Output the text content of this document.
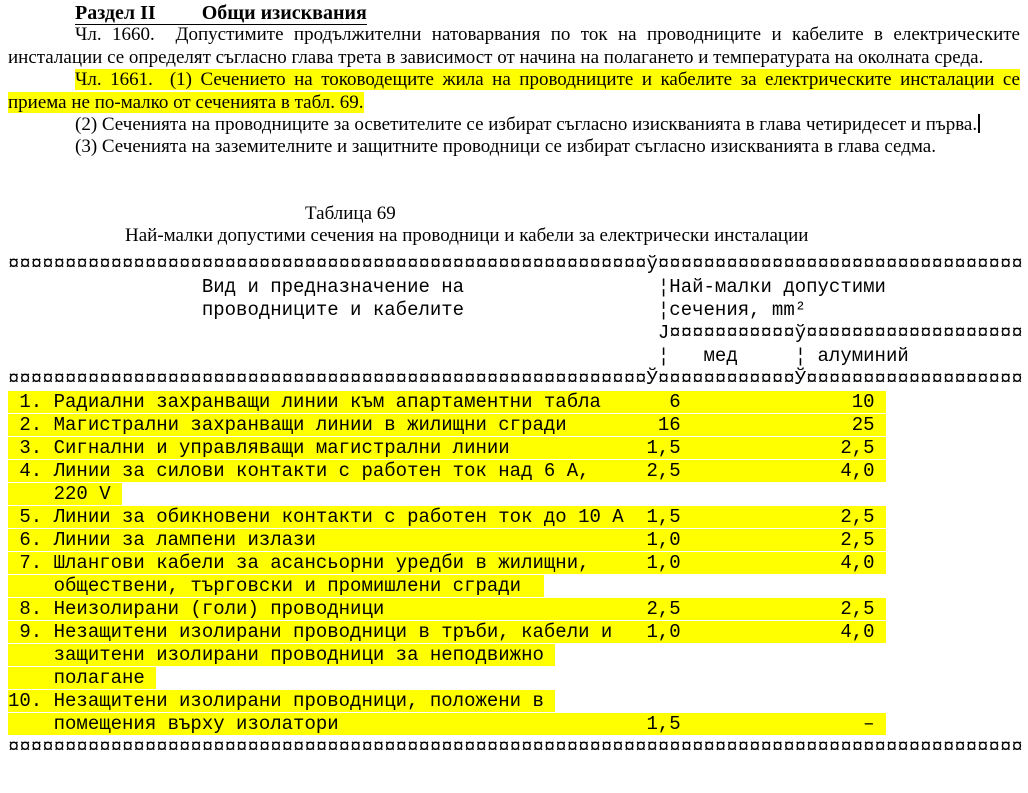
Раздел II Общи изисквания

Чл. 1660.  Допустимите продължителни натоварвания по ток на проводниците и кабелите в електрическите инсталации се определят съгласно глава трета в зависимост от начина на полагането и температурата на околната среда.

Чл. 1661.  (1) Сечението на тоководещите жила на проводниците и кабелите за електрическите инсталации се приема не по-малко от сеченията в табл. 69.

(2) Сеченията на проводниците за осветителите се избират съгласно изискванията в глава четиридесет и първа.

(3) Сеченията на заземителните и защитните проводници се избират съгласно изискванията в глава седма.

Таблица 69

Най-малки допустими сечения на проводници и кабели за електрически инсталации

¤¤¤¤¤¤¤¤¤¤¤¤¤¤¤¤¤¤¤¤¤¤¤¤¤¤¤¤¤¤¤¤¤¤¤¤¤¤¤¤¤¤¤¤¤¤¤¤¤¤¤¤¤¤¤¤ў¤¤¤¤¤¤¤¤¤¤¤¤¤¤¤¤¤¤¤¤¤¤¤¤¤¤¤¤¤¤¤¤
Вид и предназначение на                 ¦Най-малки допустими
проводниците и кабелите                 ¦сечения, mm²
Ј¤¤¤¤¤¤¤¤¤¤¤ў¤¤¤¤¤¤¤¤¤¤¤¤¤¤¤¤¤¤¤
¦   мед     ¦ алуминий
¤¤¤¤¤¤¤¤¤¤¤¤¤¤¤¤¤¤¤¤¤¤¤¤¤¤¤¤¤¤¤¤¤¤¤¤¤¤¤¤¤¤¤¤¤¤¤¤¤¤¤¤¤¤¤¤Ў¤¤¤¤¤¤¤¤¤¤¤¤Ў¤¤¤¤¤¤¤¤¤¤¤¤¤¤¤¤¤¤¤
1. Радиални захранващи линии към апартаментни табла      6               10
2. Магистрални захранващи линии в жилищни сгради        16               25
3. Сигнални и управляващи магистрални линии            1,5              2,5
4. Линии за силови контакти с работен ток над 6 А,     2,5              4,0
220 V
5. Линии за обикновени контакти с работен ток до 10 А  1,5              2,5
6. Линии за лампени излази                             1,0              2,5
7. Шлангови кабели за асансьорни уредби в жилищни,     1,0              4,0
обществени, търговски и промишлени сгради
8. Неизолирани (голи) проводници                       2,5              2,5
9. Незащитени изолирани проводници в тръби, кабели и   1,0              4,0
защитени изолирани проводници за неподвижно
полагане
10. Незащитени изолирани проводници, положени в
помещения върху изолатори                           1,5                –
¤¤¤¤¤¤¤¤¤¤¤¤¤¤¤¤¤¤¤¤¤¤¤¤¤¤¤¤¤¤¤¤¤¤¤¤¤¤¤¤¤¤¤¤¤¤¤¤¤¤¤¤¤¤¤¤¤¤¤¤¤¤¤¤¤¤¤¤¤¤¤¤¤¤¤¤¤¤¤¤¤¤¤¤¤¤¤¤¤
